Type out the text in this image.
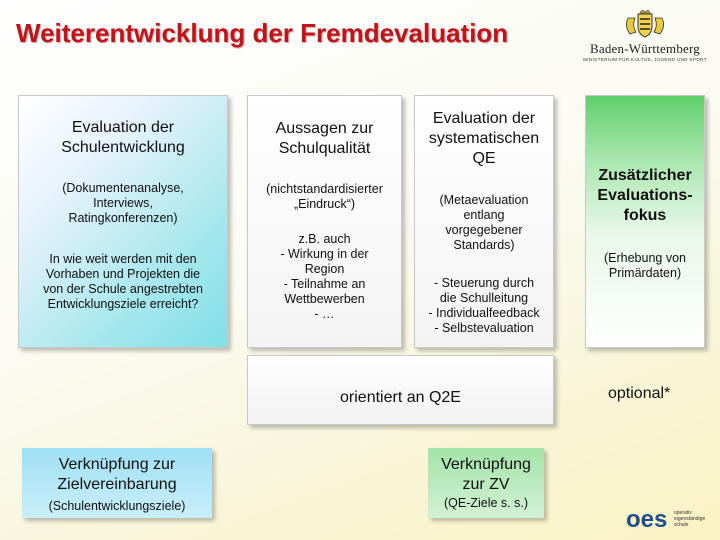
Weiterentwicklung der Fremdevaluation
Baden-Württemberg
MINISTERIUM FÜR KULTUS, JUGEND UND SPORT
Evaluation der
Schulentwicklung
(Dokumentenanalyse,
Interviews,
Ratingkonferenzen)
In wie weit werden mit den
Vorhaben und Projekten die
von der Schule angestrebten
Entwicklungsziele erreicht?
Aussagen zur
Schulqualität
(nichtstandardisierter
„Eindruck“)
z.B. auch
- Wirkung in der
Region
- Teilnahme an
Wettbewerben
- …
Evaluation der
systematischen
QE
(Metaevaluation
entlang
vorgegebener
Standards)
- Steuerung durch
die Schulleitung
- Individualfeedback
- Selbstevaluation
Zusätzlicher
Evaluations-
fokus
(Erhebung von
Primärdaten)
orientiert an Q2E	optional*
Verknüpfung zur
Zielvereinbarung
(Schulentwicklungsziele)
Verknüpfung
zur ZV
(QE-Ziele s. s.)
oes operativ eigenständige schule
